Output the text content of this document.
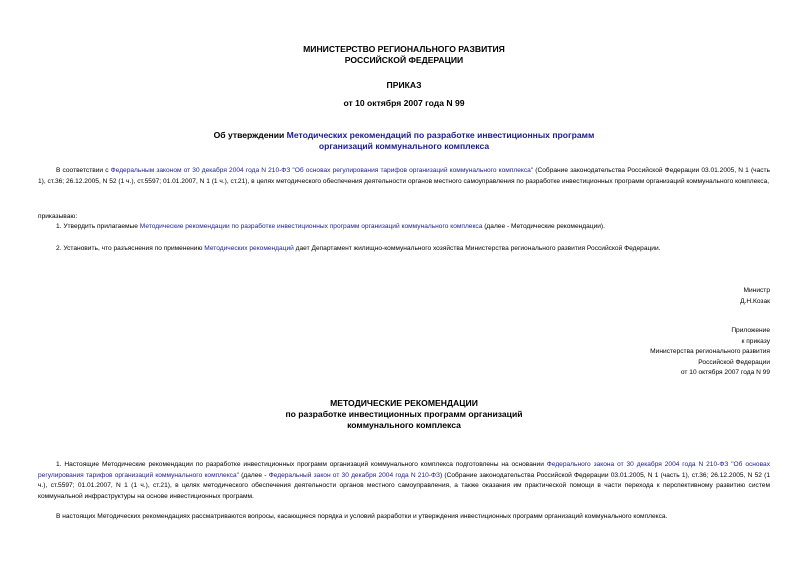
МИНИСТЕРСТВО РЕГИОНАЛЬНОГО РАЗВИТИЯ
РОССИЙСКОЙ ФЕДЕРАЦИИ
ПРИКАЗ
от 10 октября 2007 года N 99
Об утверждении Методических рекомендаций по разработке инвестиционных программ
организаций коммунального комплекса

В соответствии с Федеральным законом от 30 декабря 2004 года N 210-ФЗ "Об основах регулирования тарифов организаций коммунального комплекса" (Собрание законодательства Российской Федерации 03.01.2005, N 1 (часть 1), ст.36; 26.12.2005, N 52 (1 ч.), ст.5597; 01.01.2007, N 1 (1 ч.), ст.21), в целях методического обеспечения деятельности органов местного самоуправления по разработке инвестиционных программ организаций коммунального комплекса,

приказываю:

1. Утвердить прилагаемые Методические рекомендации по разработке инвестиционных программ организаций коммунального комплекса (далее - Методические рекомендации).

2. Установить, что разъяснения по применению Методических рекомендаций дает Департамент жилищно-коммунального хозяйства Министерства регионального развития Российской Федерации.

Министр
Д.Н.Козак
Приложение
к приказу
Министерства регионального развития
Российской Федерации
от 10 октября 2007 года N 99
МЕТОДИЧЕСКИЕ РЕКОМЕНДАЦИИ
по разработке инвестиционных программ организаций
коммунального комплекса

1. Настоящие Методические рекомендации по разработке инвестиционных программ организаций коммунального комплекса подготовлены на основании Федерального закона от 30 декабря 2004 года N 210-ФЗ "Об основах регулирования тарифов организаций коммунального комплекса" (далее - Федеральный закон от 30 декабря 2004 года N 210-ФЗ) (Собрание законодательства Российской Федерации 03.01.2005, N 1 (часть 1), ст.36; 26.12.2005, N 52 (1 ч.), ст.5597; 01.01.2007, N 1 (1 ч.), ст.21), в целях методического обеспечения деятельности органов местного самоуправления, а также оказания им практической помощи в части перехода к перспективному развитию систем коммунальной инфраструктуры на основе инвестиционных программ.

В настоящих Методических рекомендациях рассматриваются вопросы, касающиеся порядка и условий разработки и утверждения инвестиционных программ организаций коммунального комплекса.
